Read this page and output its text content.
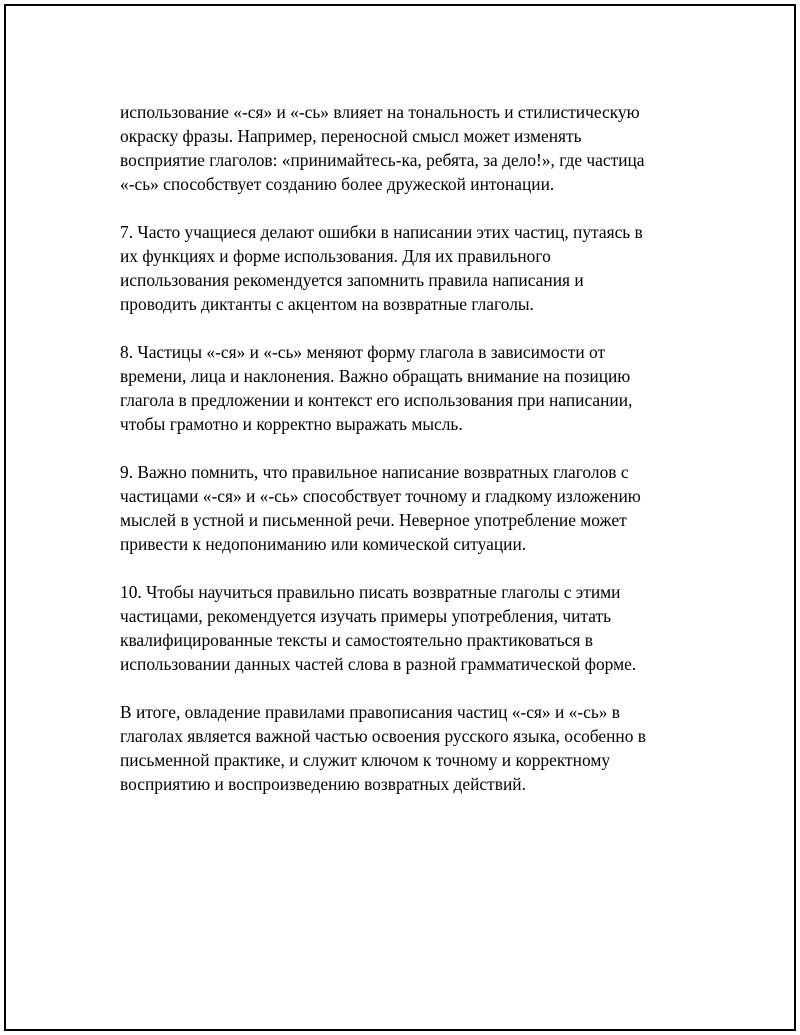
использование «-ся» и «-сь» влияет на тональность и стилистическую
окраску фразы. Например, переносной смысл может изменять
восприятие глаголов: «принимайтесь-ка, ребята, за дело!», где частица
«-сь» способствует созданию более дружеской интонации.

7. Часто учащиеся делают ошибки в написании этих частиц, путаясь в
их функциях и форме использования. Для их правильного
использования рекомендуется запомнить правила написания и
проводить диктанты с акцентом на возвратные глаголы.

8. Частицы «-ся» и «-сь» меняют форму глагола в зависимости от
времени, лица и наклонения. Важно обращать внимание на позицию
глагола в предложении и контекст его использования при написании,
чтобы грамотно и корректно выражать мысль.

9. Важно помнить, что правильное написание возвратных глаголов с
частицами «-ся» и «-сь» способствует точному и гладкому изложению
мыслей в устной и письменной речи. Неверное употребление может
привести к недопониманию или комической ситуации.

10. Чтобы научиться правильно писать возвратные глаголы с этими
частицами, рекомендуется изучать примеры употребления, читать
квалифицированные тексты и самостоятельно практиковаться в
использовании данных частей слова в разной грамматической форме.

В итоге, овладение правилами правописания частиц «-ся» и «-сь» в
глаголах является важной частью освоения русского языка, особенно в
письменной практике, и служит ключом к точному и корректному
восприятию и воспроизведению возвратных действий.
